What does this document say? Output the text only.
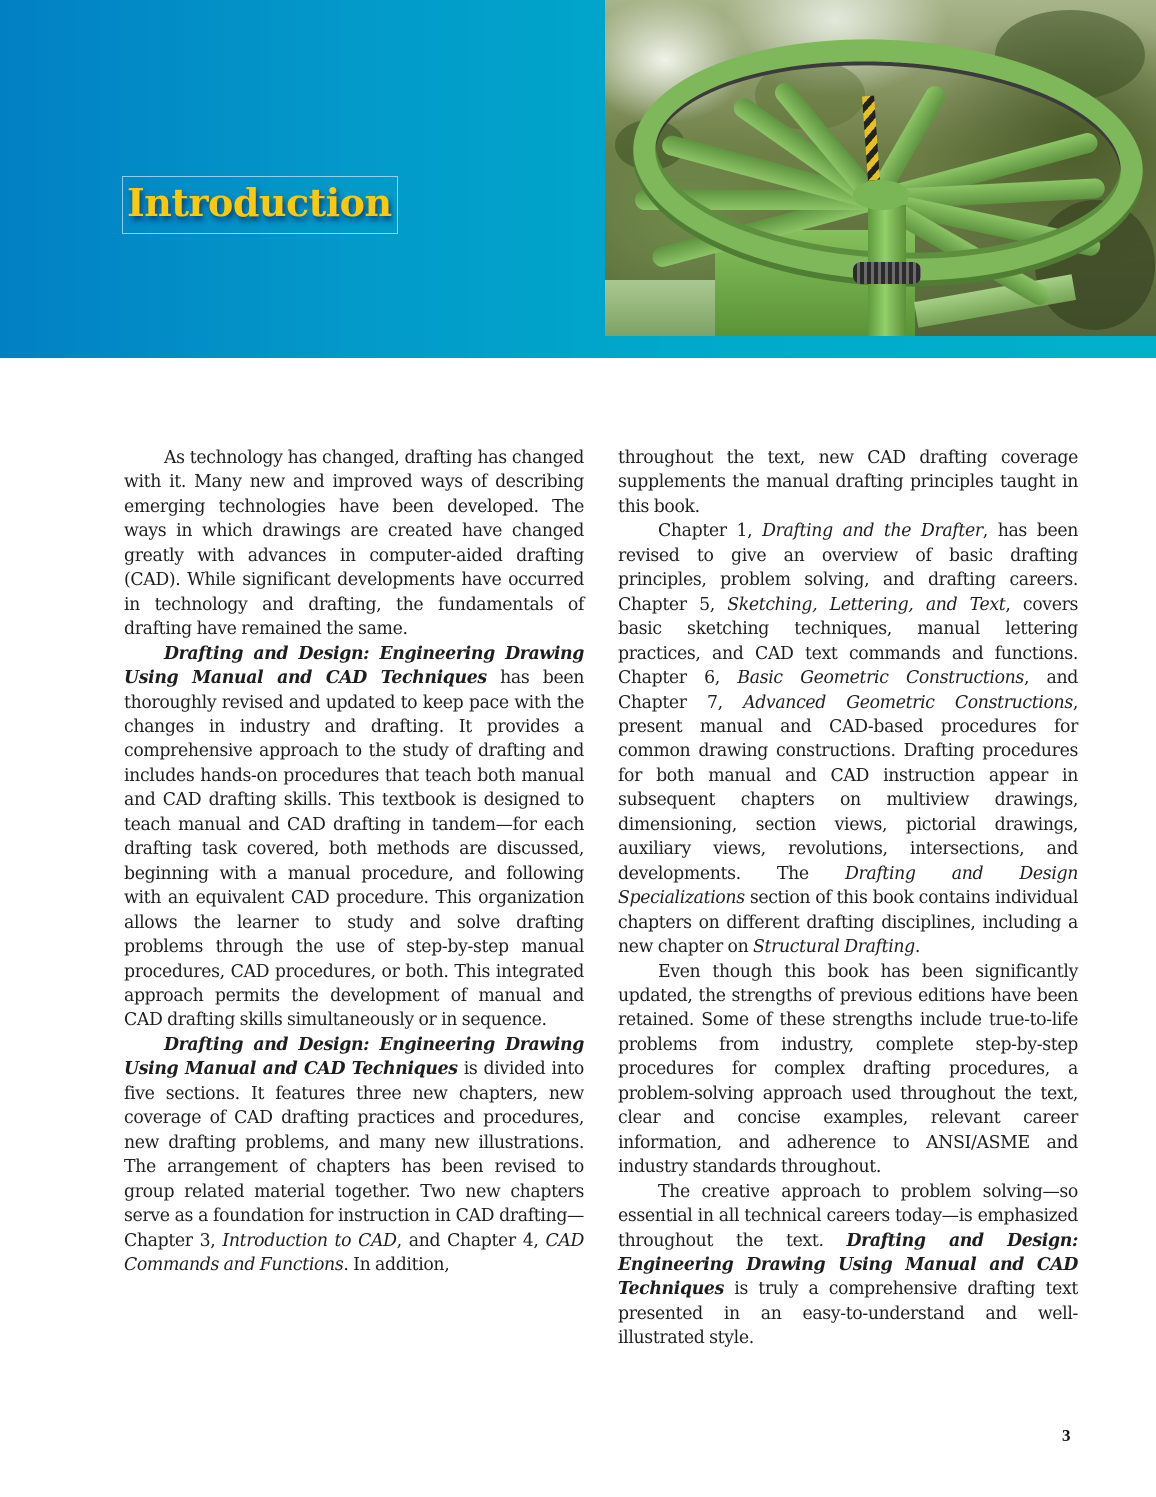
Introduction

As technology has changed, drafting has changed with it. Many new and improved ways of describing emerging technologies have been developed. The ways in which drawings are created have changed greatly with advances in computer-aided drafting (CAD). While significant developments have occurred in technology and drafting, the fundamentals of drafting have remained the same.

Drafting and Design: Engineering Drawing Using Manual and CAD Techniques has been thoroughly revised and updated to keep pace with the changes in industry and drafting. It provides a comprehensive approach to the study of drafting and includes hands-on procedures that teach both manual and CAD drafting skills. This textbook is designed to teach manual and CAD drafting in tandem—for each drafting task covered, both methods are discussed, beginning with a manual procedure, and following with an equivalent CAD procedure. This organization allows the learner to study and solve drafting problems through the use of step-by-step manual procedures, CAD procedures, or both. This integrated approach permits the development of manual and CAD drafting skills simultaneously or in sequence.

Drafting and Design: Engineering Drawing Using Manual and CAD Techniques is divided into five sections. It features three new chapters, new coverage of CAD drafting practices and procedures, new drafting problems, and many new illustrations. The arrangement of chapters has been revised to group related material together. Two new chapters serve as a foundation for instruction in CAD drafting—Chapter 3, Introduction to CAD, and Chapter 4, CAD Commands and Functions. In addition,

throughout the text, new CAD drafting coverage supplements the manual drafting principles taught in this book.

Chapter 1, Drafting and the Drafter, has been revised to give an overview of basic drafting principles, problem solving, and drafting careers. Chapter 5, Sketching, Lettering, and Text, covers basic sketching techniques, manual lettering practices, and CAD text commands and functions. Chapter 6, Basic Geometric Constructions, and Chapter 7, Advanced Geometric Constructions, present manual and CAD-based procedures for common drawing constructions. Drafting procedures for both manual and CAD instruction appear in subsequent chapters on multiview drawings, dimensioning, section views, pictorial drawings, auxiliary views, revolutions, intersections, and developments. The Drafting and Design Specializations section of this book contains individual chapters on different drafting disciplines, including a new chapter on Structural Drafting.

Even though this book has been significantly updated, the strengths of previous editions have been retained. Some of these strengths include true-to-life problems from industry, complete step-by-step procedures for complex drafting procedures, a problem-solving approach used throughout the text, clear and concise examples, relevant career information, and adherence to ANSI/ASME and industry standards throughout.

The creative approach to problem solving—so essential in all technical careers today—is emphasized throughout the text. Drafting and Design: Engineering Drawing Using Manual and CAD Techniques is truly a comprehensive drafting text presented in an easy-to-understand and well-illustrated style.

3
